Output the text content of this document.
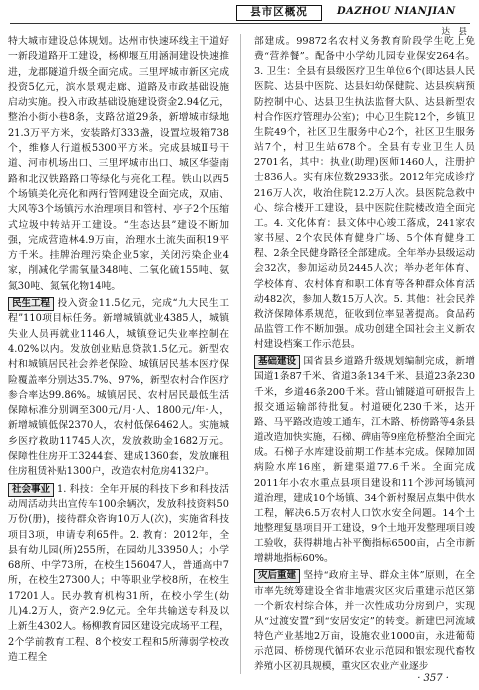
县市区概况	DAZHOU NIANJIAN
达　县

特大城市建设总体规划。达州市快速环线主干道好一新段道路开工建设，杨柳堰互用涵洞建设快速推进，龙郡隧道升级全面完成。三里坪城市新区完成投资5亿元，滨水景观走廊、道路及市政基础设施启动实施。投入市政基础设施建设资金2.94亿元，整治小街小巷8条，支路岔道29条，新增城市绿地21.3万平方米，安装路灯333盏，设置垃圾箱738个，维修人行道板5300平方米。完成县城Ⅱ号干道、河市机场出口、三里坪城市出口、城区华蓥南路和北汉铁路路口等绿化与亮化工程。铁山以西5个场镇美化亮化和两行管网建设全面完成，双庙、大风等3个场镇污水治理项目和管村、亭子2个压缩式垃圾中转站开工建设。“生态达县”建设不断加强，完成营造林4.9万亩，治理水土流失面积19平方千米。挂牌治理污染企业5家，关闭污染企业4家，削减化学需氧量348吨、二氧化硫155吨、氨氮30吨、氮氧化物14吨。

民生工程 投入资金11.5亿元，完成“九大民生工程”110项目标任务。新增城镇就业4385人，城镇失业人员再就业1146人，城镇登记失业率控制在4.02%以内。发放创业贴息贷款1.5亿元。新型农村和城镇居民社会养老保险、城镇居民基本医疗保险覆盖率分别达35.7%、97%，新型农村合作医疗参合率达99.86%。城镇居民、农村居民最低生活保障标准分别调至300元/月·人、1800元/年·人，新增城镇低保2370人，农村低保6462人。实施城乡医疗救助11745人次，发放救助金1682万元。保障性住房开工3244套、建成1360套，发放廉租住房租赁补贴1300户，改造农村危房4132户。

社会事业 1. 科技：全年开展的科技下乡和科技活动周活动共出宣传车100余辆次，发放科技资料50万份(册)，接待群众咨询10万人(次)，实施省科技项目3项，申请专利65件。2. 教育：2012年，全县有幼儿园(所)255所，在园幼儿33950人；小学68所、中学73所，在校生156047人，普通高中7所，在校生27300人；中等职业学校8所，在校生17201人。民办教育机构31所，在校小学生(幼儿)4.2万人，资产2.9亿元。全年共输送专科及以上新生4302人。杨柳教育园区建设完成场平工程，2个学前教育工程、8个校安工程和5所薄弱学校改造工程全

部建成。99872名农村义务教育阶段学生吃上免费“营养餐”。配备中小学幼儿园专业保安264名。3. 卫生：全县有县级医疗卫生单位6个(即达县人民医院、达县中医院、达县妇幼保健院、达县疾病预防控制中心、达县卫生执法监督大队、达县新型农村合作医疗管理办公室)；中心卫生院12个，乡镇卫生院49个，社区卫生服务中心2个，社区卫生服务站7个，村卫生站678个。全县有专业卫生人员2701名，其中：执业(助理)医师1460人，注册护士836人。实有床位数2933张。2012年完成诊疗216万人次，收治住院12.2万人次。县医院急救中心、综合楼开工建设，县中医院住院楼改造全面完工。4. 文化体育：县文体中心竣工落成，241家农家书屋、2个农民体育健身广场、5个体育健身工程、2条全民健身路径全部建成。全年举办县级运动会32次，参加运动员2445人次；举办老年体育、学校体育、农村体育和职工体育等各种群众体育活动482次，参加人数15万人次。5. 其他：社会民养救济保障体系规范，征收到位率显著提高。食品药品监管工作不断加强。成功创建全国社会主义新农村建设档案工作示范县。

基础建设 国省县乡道路升级规划编制完成，新增国道1条87千米、省道3条134千米、县道23条230千米，乡道46条200千米。营山铺隧道可研报告上报交通运输部待批复。村道硬化230千米，达开路、马平路改造竣工通车，江木路、桥傍路等4条县道改造加快实施，石梯、碑庙等9座危桥整治全面完成。石梯子水库建设前期工作基本完成。保障加固病险水库16座，新建渠道77.6千米。全面完成2011年小农水重点县项目建设和11个涉河场镇河道治理，建成10个场镇、34个新村聚居点集中供水工程，解决6.5万农村人口饮水安全问题。14个土地整理复垦项目开工建设，9个土地开发整理项目竣工验收，获得耕地占补平衡指标6500亩，占全市新增耕地指标60%。

灾后重建 坚持“政府主导、群众主体”原则，在全市率先统筹建设全省非地震灾区灾后重建示范区第一个新农村综合体，并一次性成功分房到户，实现从“过渡安置”到“安居安定”的转变。新建巴河流域特色产业基地2万亩，设施农业1000亩，永进葡萄示范园、桥傍现代循环农业示范园和银宏现代畜牧养殖小区初具规模，重灾区农业产业逐步

· 357 ·
